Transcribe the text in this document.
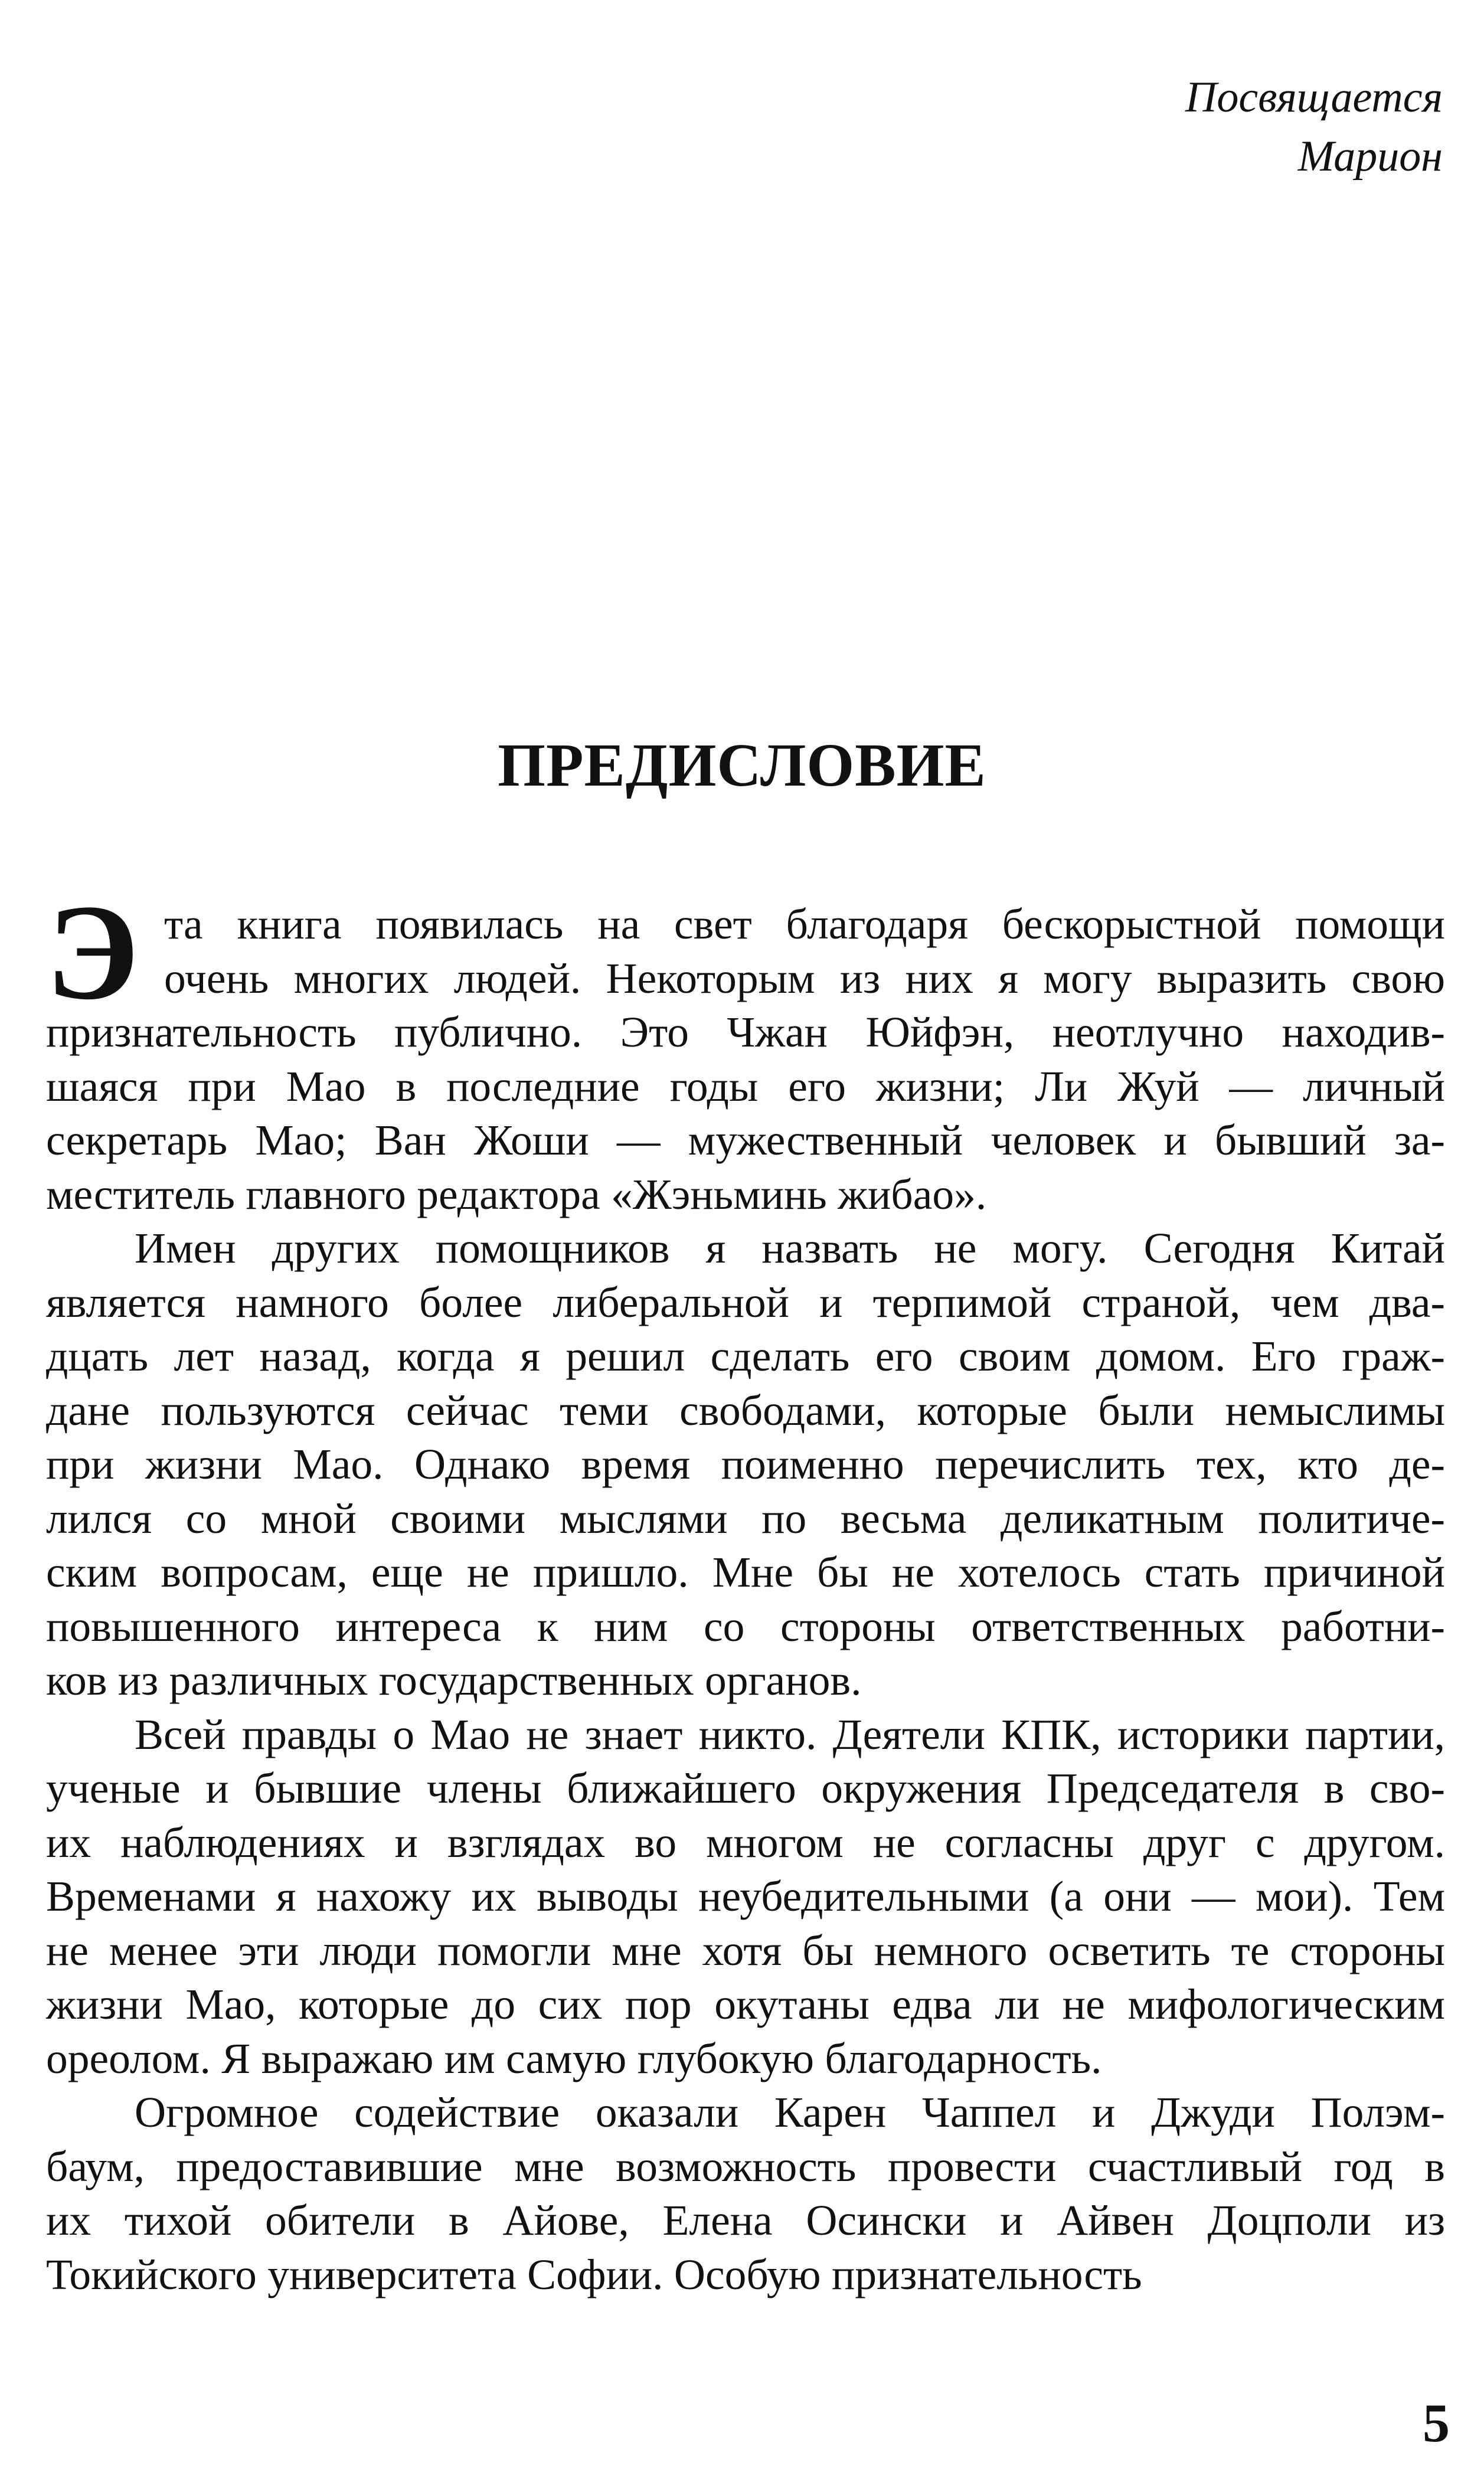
Посвящается
Марион
ПРЕДИСЛОВИЕ
Э та книга появилась на свет благодаря бескорыстной помощи
очень многих людей. Некоторым из них я могу выразить свою
признательность публично. Это Чжан Юйфэн, неотлучно находив-
шаяся при Мао в последние годы его жизни; Ли Жуй — личный
секретарь Мао; Ван Жоши — мужественный человек и бывший за-
меститель главного редактора «Жэньминь жибао».
Имен других помощников я назвать не могу. Сегодня Китай
является намного более либеральной и терпимой страной, чем два-
дцать лет назад, когда я решил сделать его своим домом. Его граж-
дане пользуются сейчас теми свободами, которые были немыслимы
при жизни Мао. Однако время поименно перечислить тех, кто де-
лился со мной своими мыслями по весьма деликатным политиче-
ским вопросам, еще не пришло. Мне бы не хотелось стать причиной
повышенного интереса к ним со стороны ответственных работни-
ков из различных государственных органов.
Всей правды о Мао не знает никто. Деятели КПК, историки партии,
ученые и бывшие члены ближайшего окружения Председателя в сво-
их наблюдениях и взглядах во многом не согласны друг с другом.
Временами я нахожу их выводы неубедительными (а они — мои). Тем
не менее эти люди помогли мне хотя бы немного осветить те стороны
жизни Мао, которые до сих пор окутаны едва ли не мифологическим
ореолом. Я выражаю им самую глубокую благодарность.
Огромное содействие оказали Карен Чаппел и Джуди Полэм-
баум, предоставившие мне возможность провести счастливый год в
их тихой обители в Айове, Елена Осински и Айвен Доцполи из
Токийского университета Софии. Особую признательность
5
